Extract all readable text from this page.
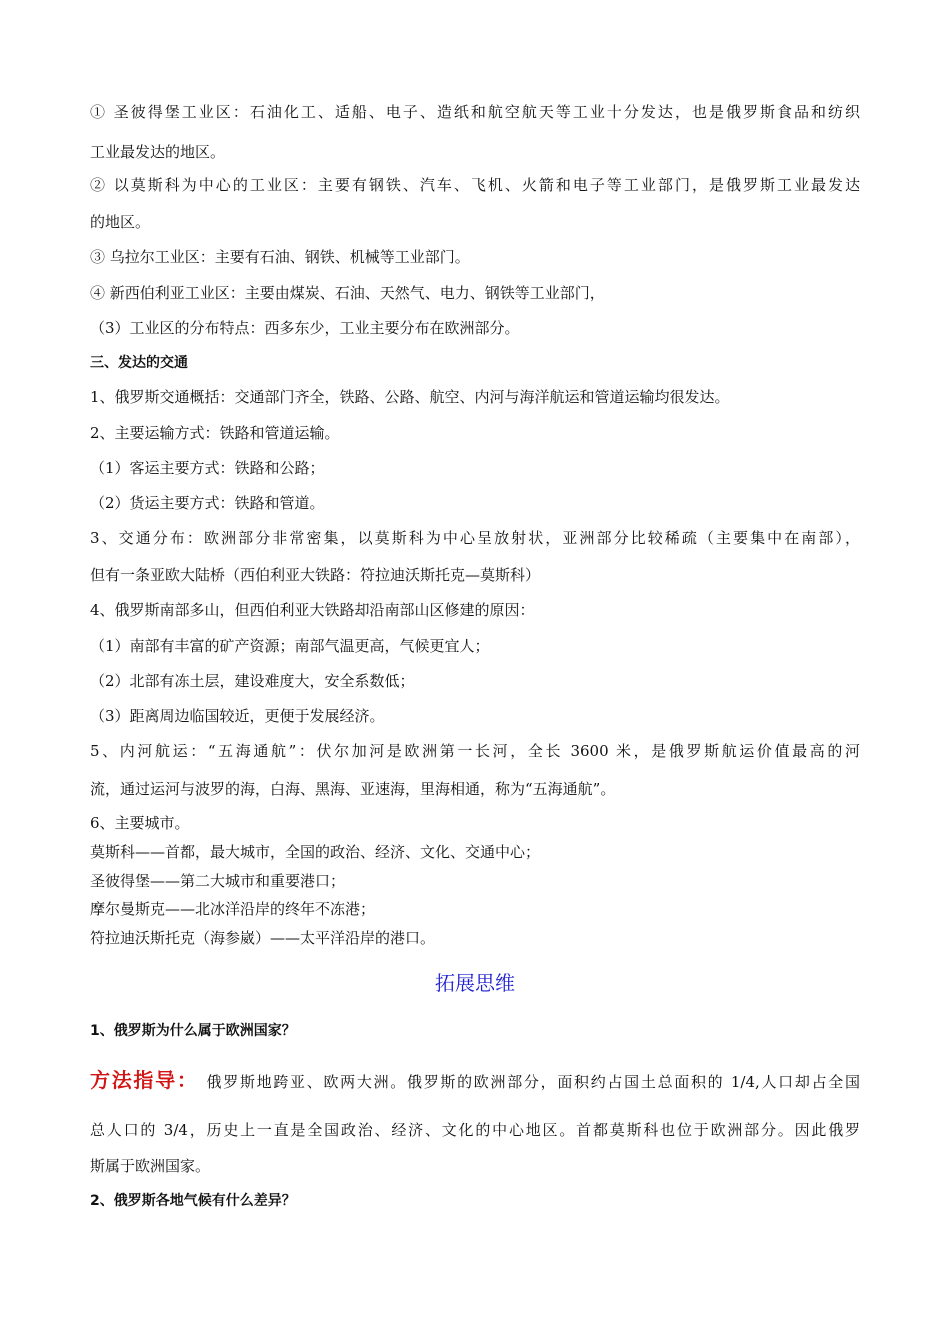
① 圣彼得堡工业区：石油化工、适船、电子、造纸和航空航天等工业十分发达，也是俄罗斯食品和纺织
工业最发达的地区。
② 以莫斯科为中心的工业区：主要有钢铁、汽车、飞机、火箭和电子等工业部门，是俄罗斯工业最发达
的地区。
③ 乌拉尔工业区：主要有石油、钢铁、机械等工业部门。
④ 新西伯利亚工业区：主要由煤炭、石油、天然气、电力、钢铁等工业部门，
（3）工业区的分布特点：西多东少，工业主要分布在欧洲部分。
三、发达的交通
1、俄罗斯交通概括：交通部门齐全，铁路、公路、航空、内河与海洋航运和管道运输均很发达。
2、主要运输方式：铁路和管道运输。
（1）客运主要方式：铁路和公路；
（2）货运主要方式：铁路和管道。
3、交通分布：欧洲部分非常密集，以莫斯科为中心呈放射状，亚洲部分比较稀疏（主要集中在南部），
但有一条亚欧大陆桥（西伯利亚大铁路：符拉迪沃斯托克—莫斯科）
4、俄罗斯南部多山，但西伯利亚大铁路却沿南部山区修建的原因：
（1）南部有丰富的矿产资源；南部气温更高，气候更宜人；
（2）北部有冻土层，建设难度大，安全系数低；
（3）距离周边临国较近，更便于发展经济。
5、内河航运：“五海通航”：伏尔加河是欧洲第一长河，全长 3600 米，是俄罗斯航运价值最高的河
流，通过运河与波罗的海，白海、黑海、亚速海，里海相通，称为“五海通航”。
6、主要城市。
莫斯科——首都，最大城市，全国的政治、经济、文化、交通中心；
圣彼得堡——第二大城市和重要港口；
摩尔曼斯克——北冰洋沿岸的终年不冻港；
符拉迪沃斯托克（海参崴）——太平洋沿岸的港口。
拓展思维
1、俄罗斯为什么属于欧洲国家？
方法指导： 俄罗斯地跨亚、欧两大洲。俄罗斯的欧洲部分，面积约占国土总面积的 1/4,人口却占全国
总人口的 3/4，历史上一直是全国政治、经济、文化的中心地区。首都莫斯科也位于欧洲部分。因此俄罗
斯属于欧洲国家。
2、俄罗斯各地气候有什么差异？
